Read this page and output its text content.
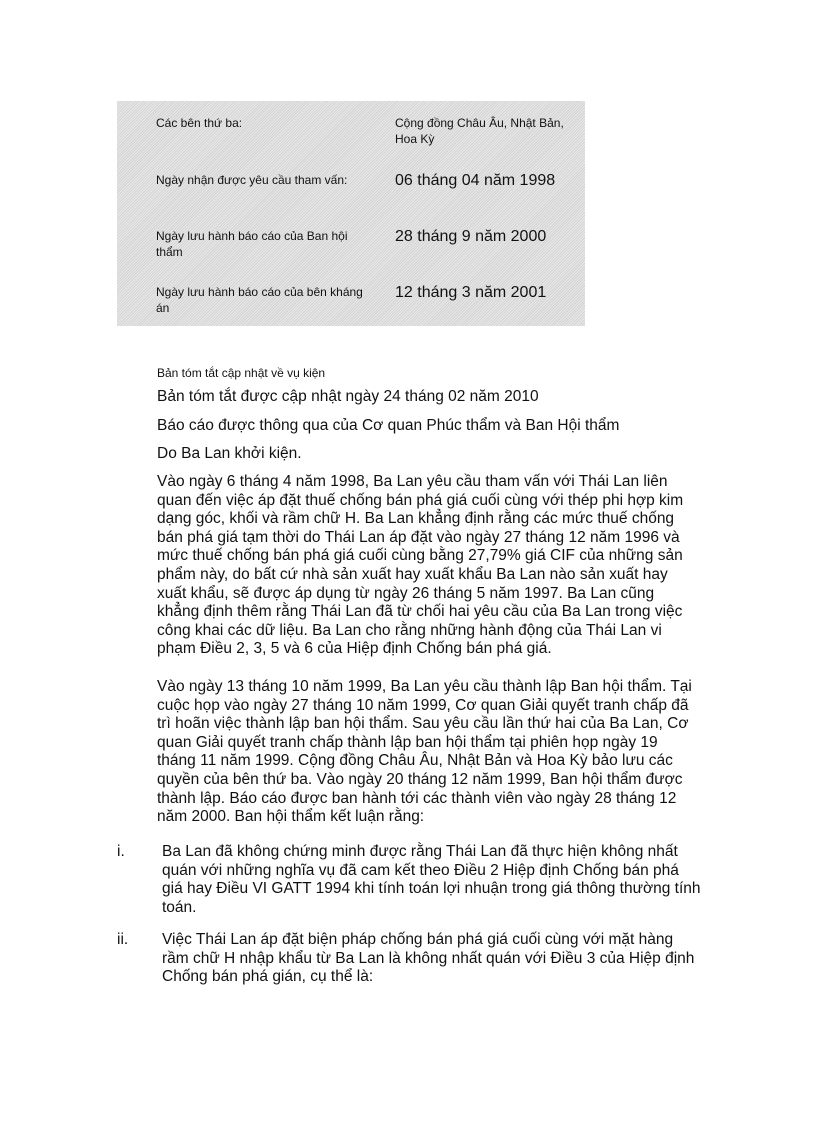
Các bên thứ ba:	Cộng đồng Châu Âu, Nhật Bản, Hoa Kỳ
Ngày nhận được yêu cầu tham vấn:	06 tháng 04 năm 1998
Ngày lưu hành báo cáo của Ban hội thẩm
28 tháng 9 năm 2000
Ngày lưu hành báo cáo của bên kháng án
12 tháng 3 năm 2001
Bản tóm tắt cập nhật về vụ kiện
Bản tóm tắt được cập nhật ngày 24 tháng 02 năm 2010
Báo cáo được thông qua của Cơ quan Phúc thẩm và Ban Hội thẩm
Do Ba Lan khởi kiện.
Vào ngày 6 tháng 4 năm 1998, Ba Lan yêu cầu tham vấn với Thái Lan liên quan đến việc áp đặt thuế chống bán phá giá cuối cùng với thép phi hợp kim dạng góc, khối và rầm chữ H. Ba Lan khẳng định rằng các mức thuế chống bán phá giá tạm thời do Thái Lan áp đặt vào ngày 27 tháng 12 năm 1996 và mức thuế chống bán phá giá cuối cùng bằng 27,79% giá CIF của những sản phẩm này, do bất cứ nhà sản xuất hay xuất khẩu Ba Lan nào sản xuất hay xuất khẩu, sẽ được áp dụng từ ngày 26 tháng 5 năm 1997. Ba Lan cũng khẳng định thêm rằng Thái Lan đã từ chối hai yêu cầu của Ba Lan trong việc công khai các dữ liệu. Ba Lan cho rằng những hành động của Thái Lan vi phạm Điều 2, 3, 5 và 6 của Hiệp định Chống bán phá giá.
Vào ngày 13 tháng 10 năm 1999, Ba Lan yêu cầu thành lập Ban hội thẩm. Tại cuộc họp vào ngày 27 tháng 10 năm 1999, Cơ quan Giải quyết tranh chấp đã trì hoãn việc thành lập ban hội thẩm. Sau yêu cầu lần thứ hai của Ba Lan, Cơ quan Giải quyết tranh chấp thành lập ban hội thẩm tại phiên họp ngày 19 tháng 11 năm 1999. Cộng đồng Châu Âu, Nhật Bản và Hoa Kỳ bảo lưu các quyền của bên thứ ba. Vào ngày 20 tháng 12 năm 1999, Ban hội thẩm được thành lập. Báo cáo được ban hành tới các thành viên vào ngày 28 tháng 12 năm 2000. Ban hội thẩm kết luận rằng:
i. Ba Lan đã không chứng minh được rằng Thái Lan đã thực hiện không nhất quán với những nghĩa vụ đã cam kết theo Điều 2 Hiệp định Chống bán phá giá hay Điều VI GATT 1994 khi tính toán lợi nhuận trong giá thông thường tính toán.
ii. Việc Thái Lan áp đặt biện pháp chống bán phá giá cuối cùng với mặt hàng rầm chữ H nhập khẩu từ Ba Lan là không nhất quán với Điều 3 của Hiệp định Chống bán phá gián, cụ thể là:
